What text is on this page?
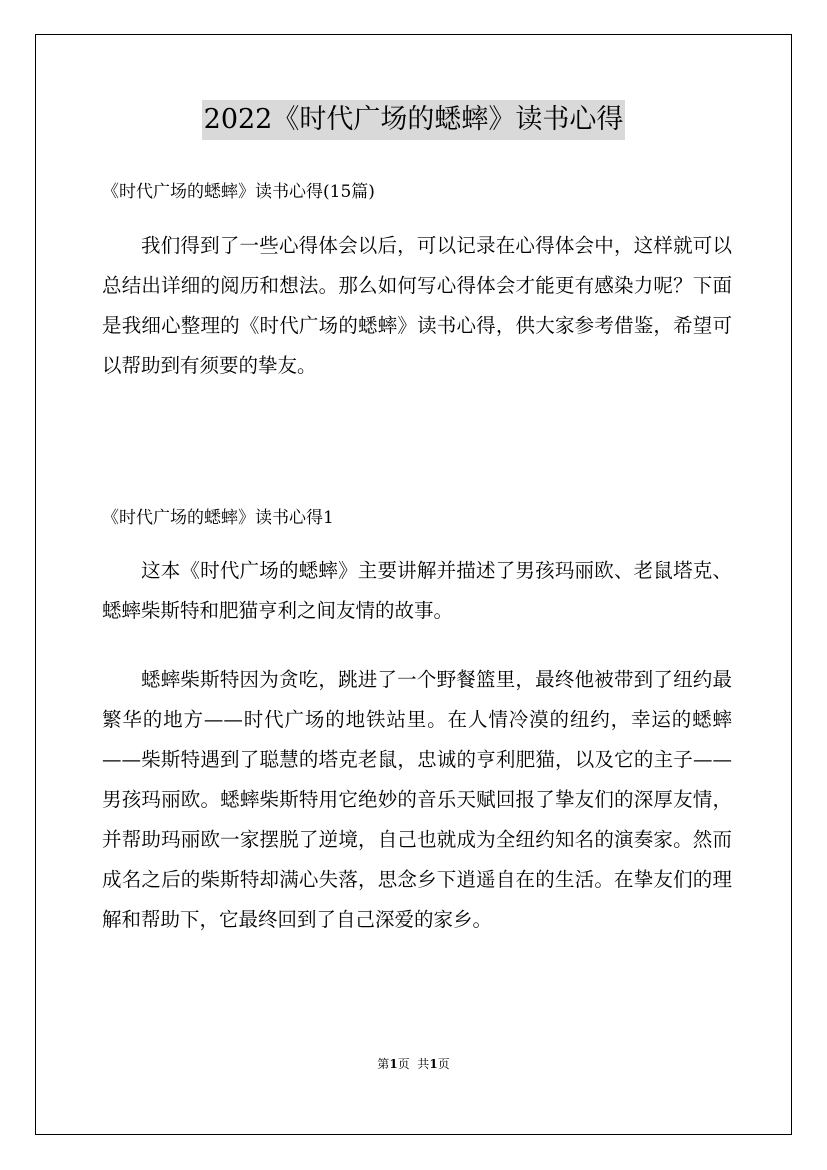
2022《时代广场的蟋蟀》读书心得
《时代广场的蟋蟀》读书心得(15篇)

我们得到了一些心得体会以后，可以记录在心得体会中，这样就可以总结出详细的阅历和想法。那么如何写心得体会才能更有感染力呢？下面是我细心整理的《时代广场的蟋蟀》读书心得，供大家参考借鉴，希望可以帮助到有须要的挚友。

《时代广场的蟋蟀》读书心得1

这本《时代广场的蟋蟀》主要讲解并描述了男孩玛丽欧、老鼠塔克、蟋蟀柴斯特和肥猫亨利之间友情的故事。

蟋蟀柴斯特因为贪吃，跳进了一个野餐篮里，最终他被带到了纽约最繁华的地方——时代广场的地铁站里。在人情冷漠的纽约，幸运的蟋蟀——柴斯特遇到了聪慧的塔克老鼠，忠诚的亨利肥猫，以及它的主子——男孩玛丽欧。蟋蟀柴斯特用它绝妙的音乐天赋回报了挚友们的深厚友情，并帮助玛丽欧一家摆脱了逆境，自己也就成为全纽约知名的演奏家。然而成名之后的柴斯特却满心失落，思念乡下逍遥自在的生活。在挚友们的理解和帮助下，它最终回到了自己深爱的家乡。

第1页  共1页
